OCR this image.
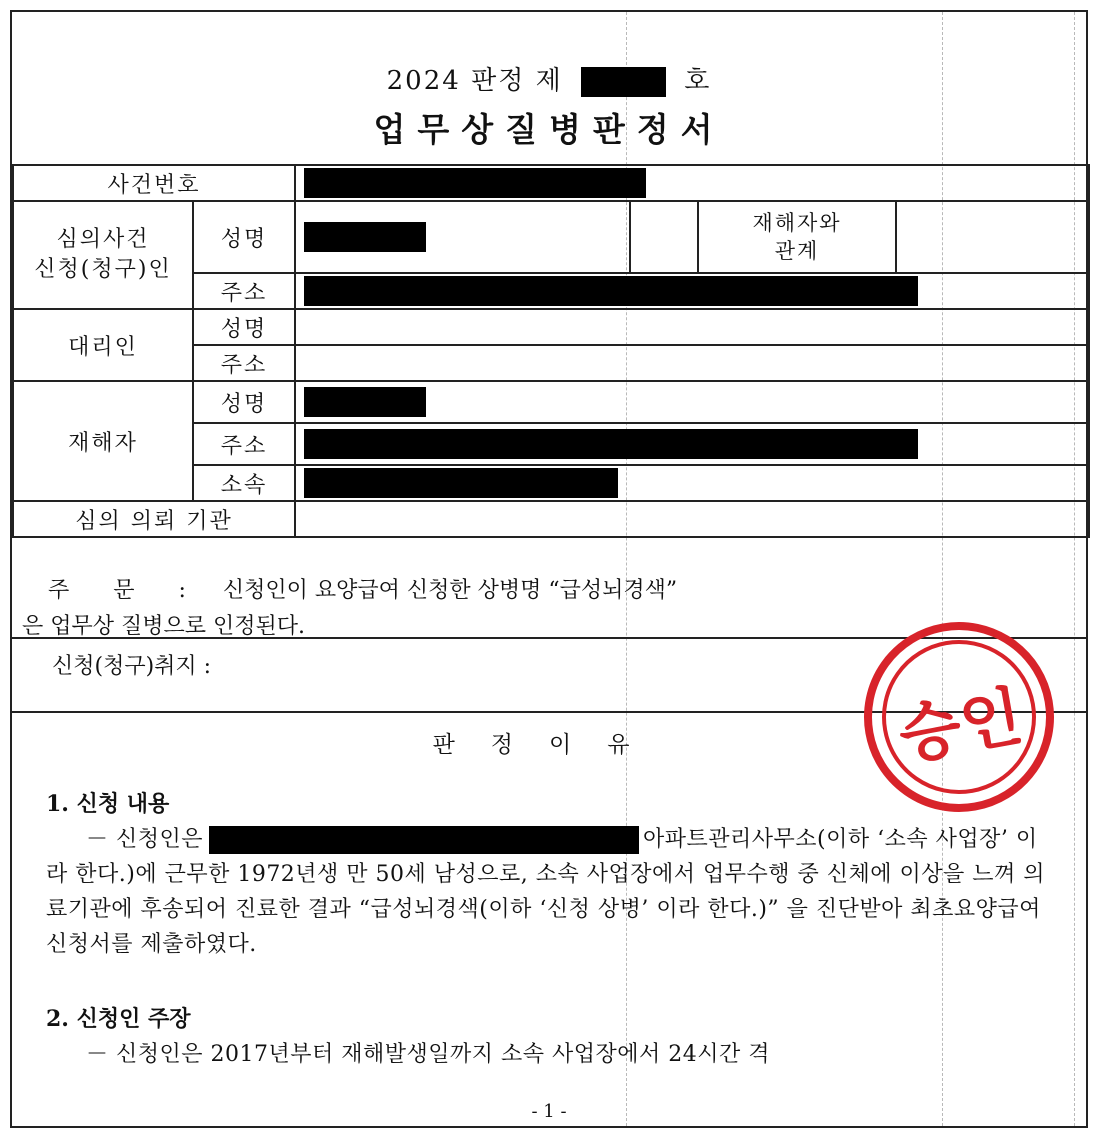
2024 판정 제	호
업무상질병판정서
사건번호					
심의사건
신청(청구)인	성명			재해자와
관계	
	주소				
대리인	성명				
	주소				
재해자	성명				
	주소				
	소속				
심의 의뢰 기관					
주　　문　　: 신청인이 요양급여 신청한 상병명 “급성뇌경색”
은 업무상 질병으로 인정된다.
신청(청구)취지 :
판정이유
1. 신청 내용
－ 신청인은	아파트관리사무소(이하 ‘소속 사업장’ 이라 한다.)에 근무한 1972년생 만 50세 남성으로, 소속 사업장에서 업무수행 중 신체에 이상을 느껴 의료기관에 후송되어 진료한 결과 “급성뇌경색(이하 ‘신청 상병’ 이라 한다.)” 을 진단받아 최초요양급여신청서를 제출하였다.
2. 신청인 주장
－ 신청인은 2017년부터 재해발생일까지 소속 사업장에서 24시간 격
- 1 -
승인
